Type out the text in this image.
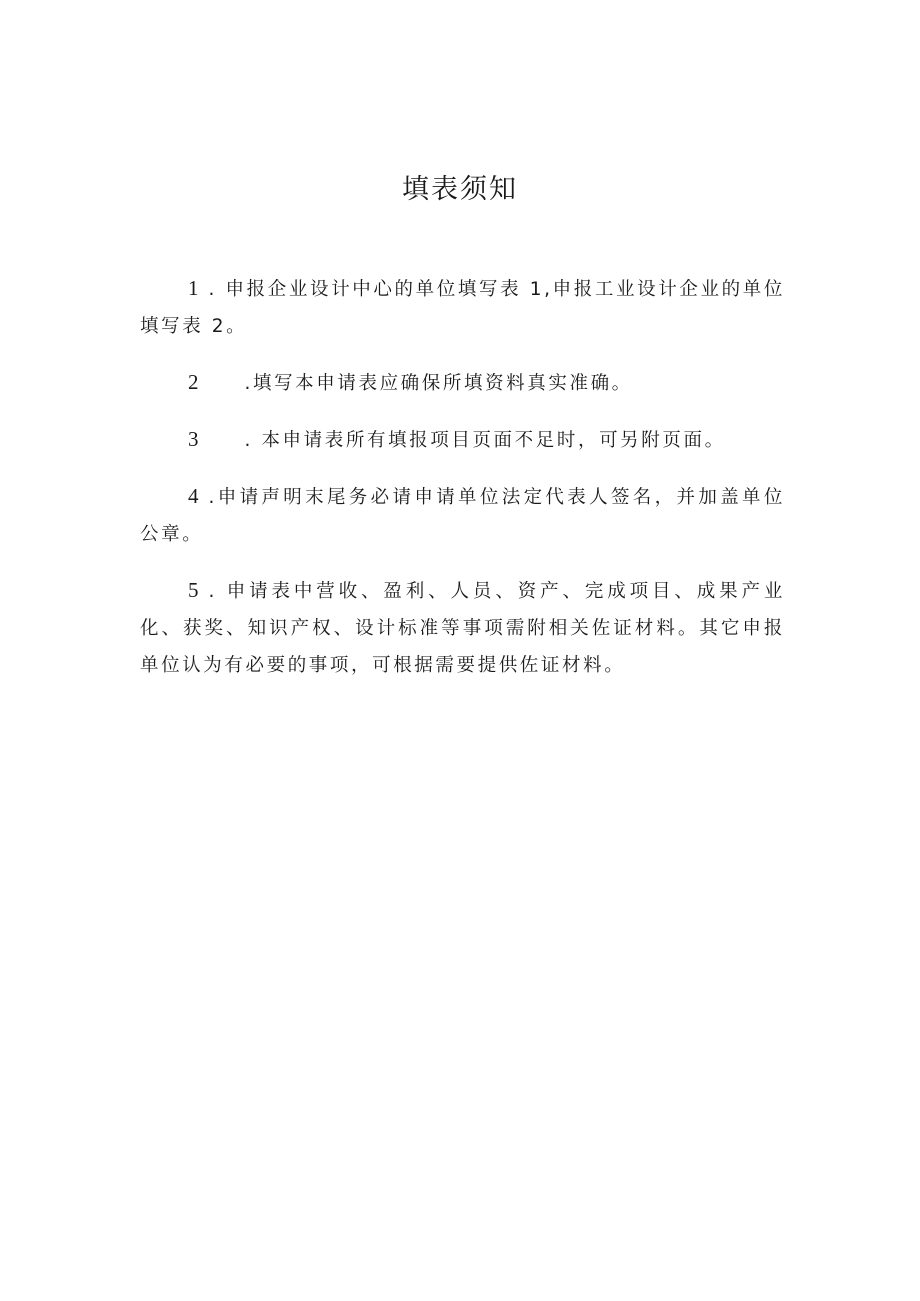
填表须知

1 . 申报企业设计中心的单位填写表 1,申报工业设计企业的单位填写表 2。

2 .填写本申请表应确保所填资料真实准确。

3 . 本申请表所有填报项目页面不足时，可另附页面。

4 .申请声明末尾务必请申请单位法定代表人签名，并加盖单位公章。

5 . 申请表中营收、盈利、人员、资产、完成项目、成果产业化、获奖、知识产权、设计标准等事项需附相关佐证材料。其它申报单位认为有必要的事项，可根据需要提供佐证材料。
